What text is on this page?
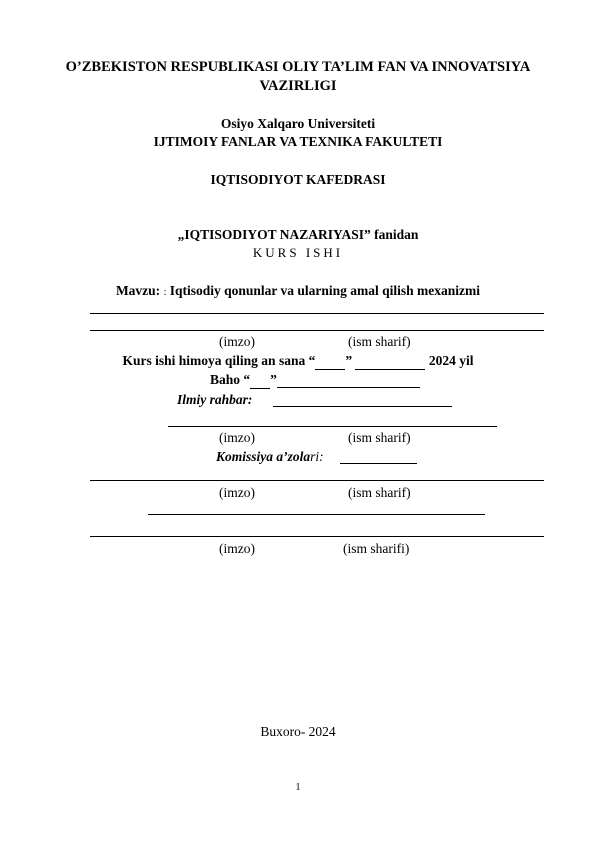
O’ZBEKISTON RESPUBLIKASI OLIY TA’LIM FAN VA INNOVATSIYA
VAZIRLIGI
Osiyo Xalqaro Universiteti
IJTIMOIY FANLAR VA TEXNIKA FAKULTETI
IQTISODIYOT KAFEDRASI
„IQTISODIYOT NAZARIYASI” fanidan
KURS ISHI
Mavzu: : Iqtisodiy qonunlar va ularning amal qilish mexanizmi
(imzo)	(ism sharif)
Kurs ishi himoya qiling an sana “ ”	2024 yil
Baho “ ”
Ilmiy rahbar:
(imzo)	(ism sharif)
Komissiya a’zolari:
(imzo)	(ism sharif)
(imzo)	(ism sharifi)
Buxoro- 2024
1
